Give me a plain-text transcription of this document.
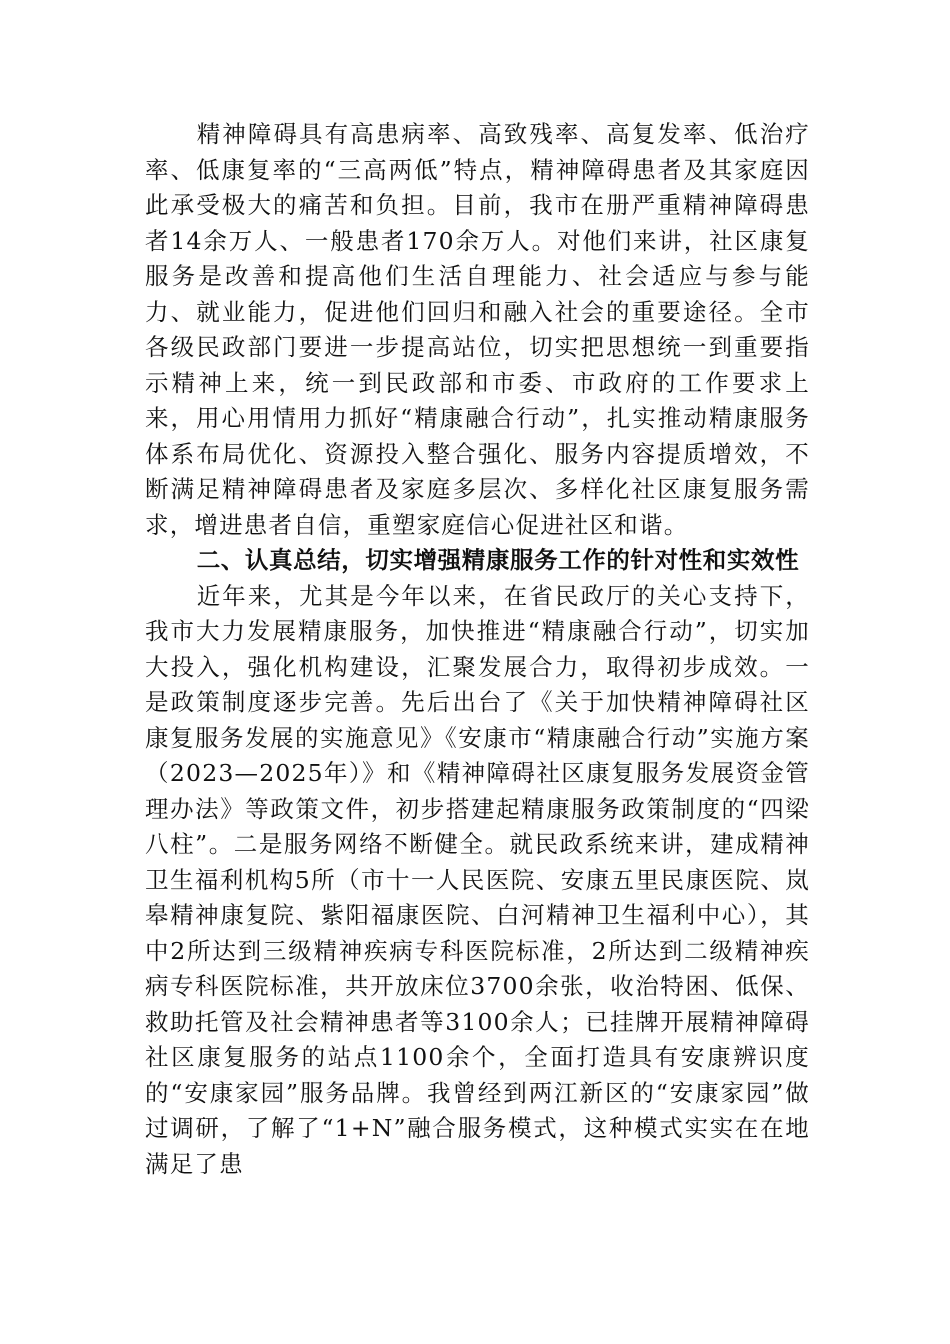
精神障碍具有高患病率、高致残率、高复发率、低治疗率、低康复率的“三高两低”特点，精神障碍患者及其家庭因此承受极大的痛苦和负担。目前，我市在册严重精神障碍患者14余万人、一般患者170余万人。对他们来讲，社区康复服务是改善和提高他们生活自理能力、社会适应与参与能力、就业能力，促进他们回归和融入社会的重要途径。全市各级民政部门要进一步提高站位，切实把思想统一到重要指示精神上来，统一到民政部和市委、市政府的工作要求上来，用心用情用力抓好“精康融合行动”，扎实推动精康服务体系布局优化、资源投入整合强化、服务内容提质增效，不断满足精神障碍患者及家庭多层次、多样化社区康复服务需求，增进患者自信，重塑家庭信心促进社区和谐。

二、认真总结，切实增强精康服务工作的针对性和实效性

近年来，尤其是今年以来，在省民政厅的关心支持下，我市大力发展精康服务，加快推进“精康融合行动”，切实加大投入，强化机构建设，汇聚发展合力，取得初步成效。一是政策制度逐步完善。先后出台了《关于加快精神障碍社区康复服务发展的实施意见》《安康市“精康融合行动”实施方案（2023—2025年）》和《精神障碍社区康复服务发展资金管理办法》等政策文件，初步搭建起精康服务政策制度的“四梁八柱”。二是服务网络不断健全。就民政系统来讲，建成精神卫生福利机构5所（市十一人民医院、安康五里民康医院、岚皋精神康复院、紫阳福康医院、白河精神卫生福利中心），其中2所达到三级精神疾病专科医院标准，2所达到二级精神疾病专科医院标准，共开放床位3700余张，收治特困、低保、救助托管及社会精神患者等3100余人；已挂牌开展精神障碍社区康复服务的站点1100余个，全面打造具有安康辨识度的“安康家园”服务品牌。我曾经到两江新区的“安康家园”做过调研，了解了“1+N”融合服务模式，这种模式实实在在地满足了患
